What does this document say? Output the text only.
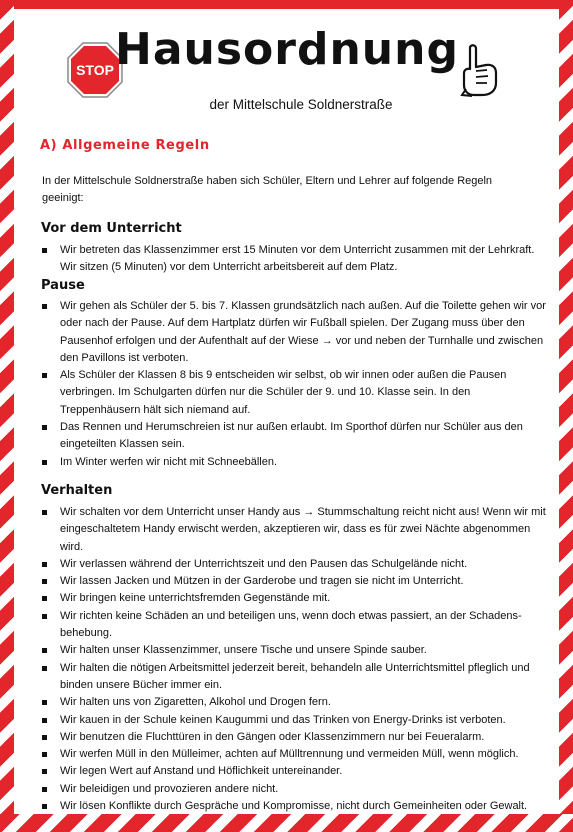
STOP Hausordnung
der Mittelschule Soldnerstraße
A) Allgemeine Regeln
In der Mittelschule Soldnerstraße haben sich Schüler, Eltern und Lehrer auf folgende Regeln geeinigt:
Vor dem Unterricht
Wir betreten das Klassenzimmer erst 15 Minuten vor dem Unterricht zusammen mit der Lehrkraft. Wir sitzen (5 Minuten) vor dem Unterricht arbeitsbereit auf dem Platz.
Pause
Wir gehen als Schüler der 5. bis 7. Klassen grundsätzlich nach außen. Auf die Toilette gehen wir vor oder nach der Pause. Auf dem Hartplatz dürfen wir Fußball spielen. Der Zugang muss über den Pausenhof erfolgen und der Aufenthalt auf der Wiese → vor und neben der Turnhalle und zwischen den Pavillons ist verboten.
Als Schüler der Klassen 8 bis 9 entscheiden wir selbst, ob wir innen oder außen die Pausen verbringen. Im Schulgarten dürfen nur die Schüler der 9. und 10. Klasse sein. In den Treppenhäusern hält sich niemand auf.
Das Rennen und Herumschreien ist nur außen erlaubt. Im Sporthof dürfen nur Schüler aus den eingeteilten Klassen sein.
Im Winter werfen wir nicht mit Schneebällen.
Verhalten
Wir schalten vor dem Unterricht unser Handy aus → Stummschaltung reicht nicht aus! Wenn wir mit eingeschaltetem Handy erwischt werden, akzeptieren wir, dass es für zwei Nächte abgenommen wird.
Wir verlassen während der Unterrichtszeit und den Pausen das Schulgelände nicht.
Wir lassen Jacken und Mützen in der Garderobe und tragen sie nicht im Unterricht.
Wir bringen keine unterrichtsfremden Gegenstände mit.
Wir richten keine Schäden an und beteiligen uns, wenn doch etwas passiert, an der Schadens-behebung.
Wir halten unser Klassenzimmer, unsere Tische und unsere Spinde sauber.
Wir halten die nötigen Arbeitsmittel jederzeit bereit, behandeln alle Unterrichtsmittel pfleglich und binden unsere Bücher immer ein.
Wir halten uns von Zigaretten, Alkohol und Drogen fern.
Wir kauen in der Schule keinen Kaugummi und das Trinken von Energy-Drinks ist verboten.
Wir benutzen die Fluchttüren in den Gängen oder Klassenzimmern nur bei Feueralarm.
Wir werfen Müll in den Mülleimer, achten auf Mülltrennung und vermeiden Müll, wenn möglich.
Wir legen Wert auf Anstand und Höflichkeit untereinander.
Wir beleidigen und provozieren andere nicht.
Wir lösen Konflikte durch Gespräche und Kompromisse, nicht durch Gemeinheiten oder Gewalt.
